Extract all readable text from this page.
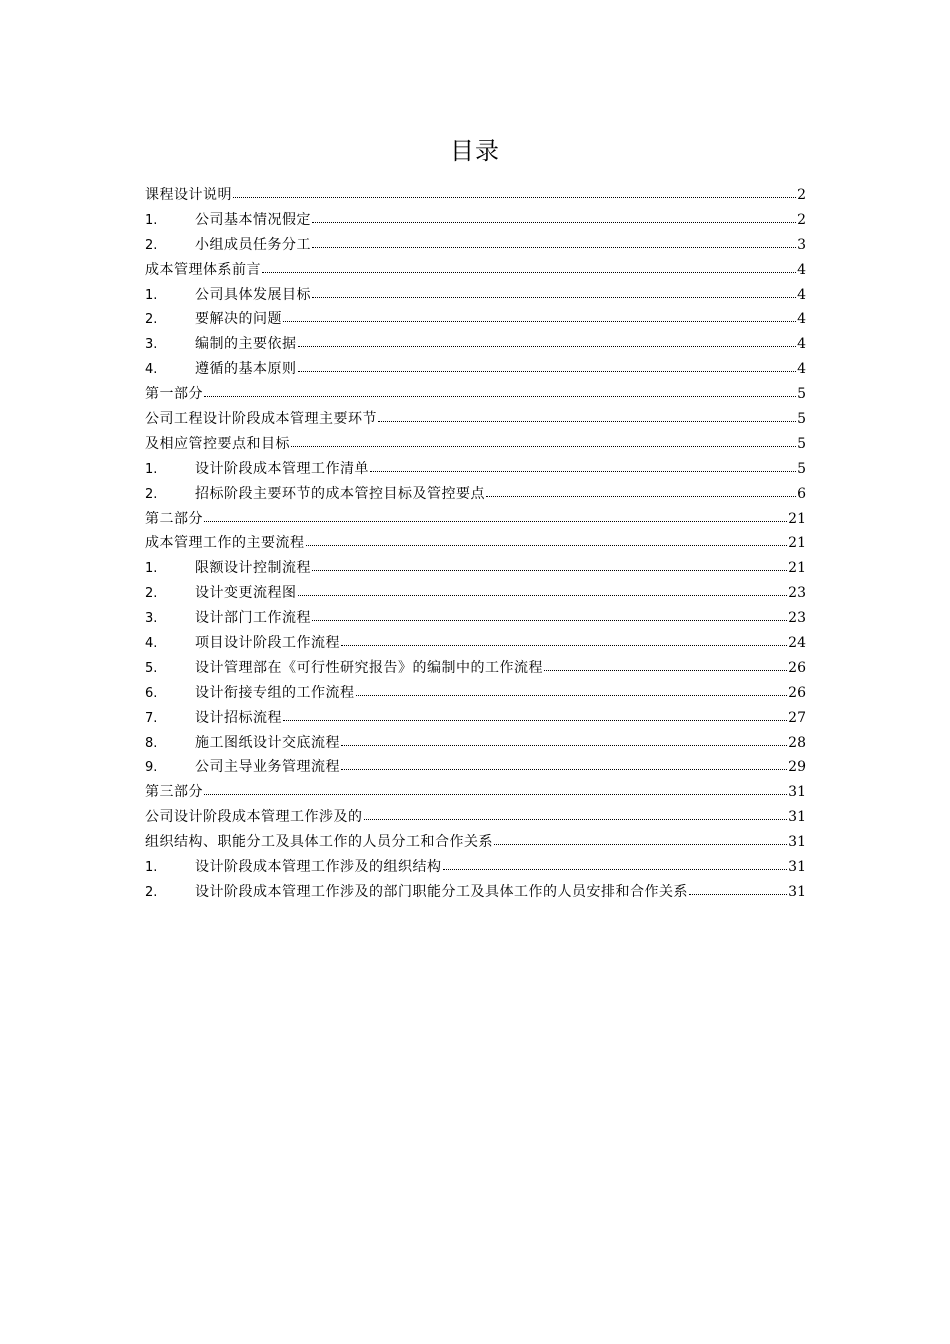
目录
课程设计说明	2
1.	公司基本情况假定	2
2.	小组成员任务分工	3
成本管理体系前言	4
1.	公司具体发展目标	4
2.	要解决的问题	4
3.	编制的主要依据	4
4.	遵循的基本原则	4
第一部分	5
公司工程设计阶段成本管理主要环节	5
及相应管控要点和目标	5
1.	设计阶段成本管理工作清单	5
2.	招标阶段主要环节的成本管控目标及管控要点	6
第二部分	21
成本管理工作的主要流程	21
1.	限额设计控制流程	21
2.	设计变更流程图	23
3.	设计部门工作流程	23
4.	项目设计阶段工作流程	24
5.	设计管理部在《可行性研究报告》的编制中的工作流程	26
6.	设计衔接专组的工作流程	26
7.	设计招标流程	27
8.	施工图纸设计交底流程	28
9.	公司主导业务管理流程	29
第三部分	31
公司设计阶段成本管理工作涉及的	31
组织结构、职能分工及具体工作的人员分工和合作关系	31
1.	设计阶段成本管理工作涉及的组织结构	31
2.	设计阶段成本管理工作涉及的部门职能分工及具体工作的人员安排和合作关系	31
